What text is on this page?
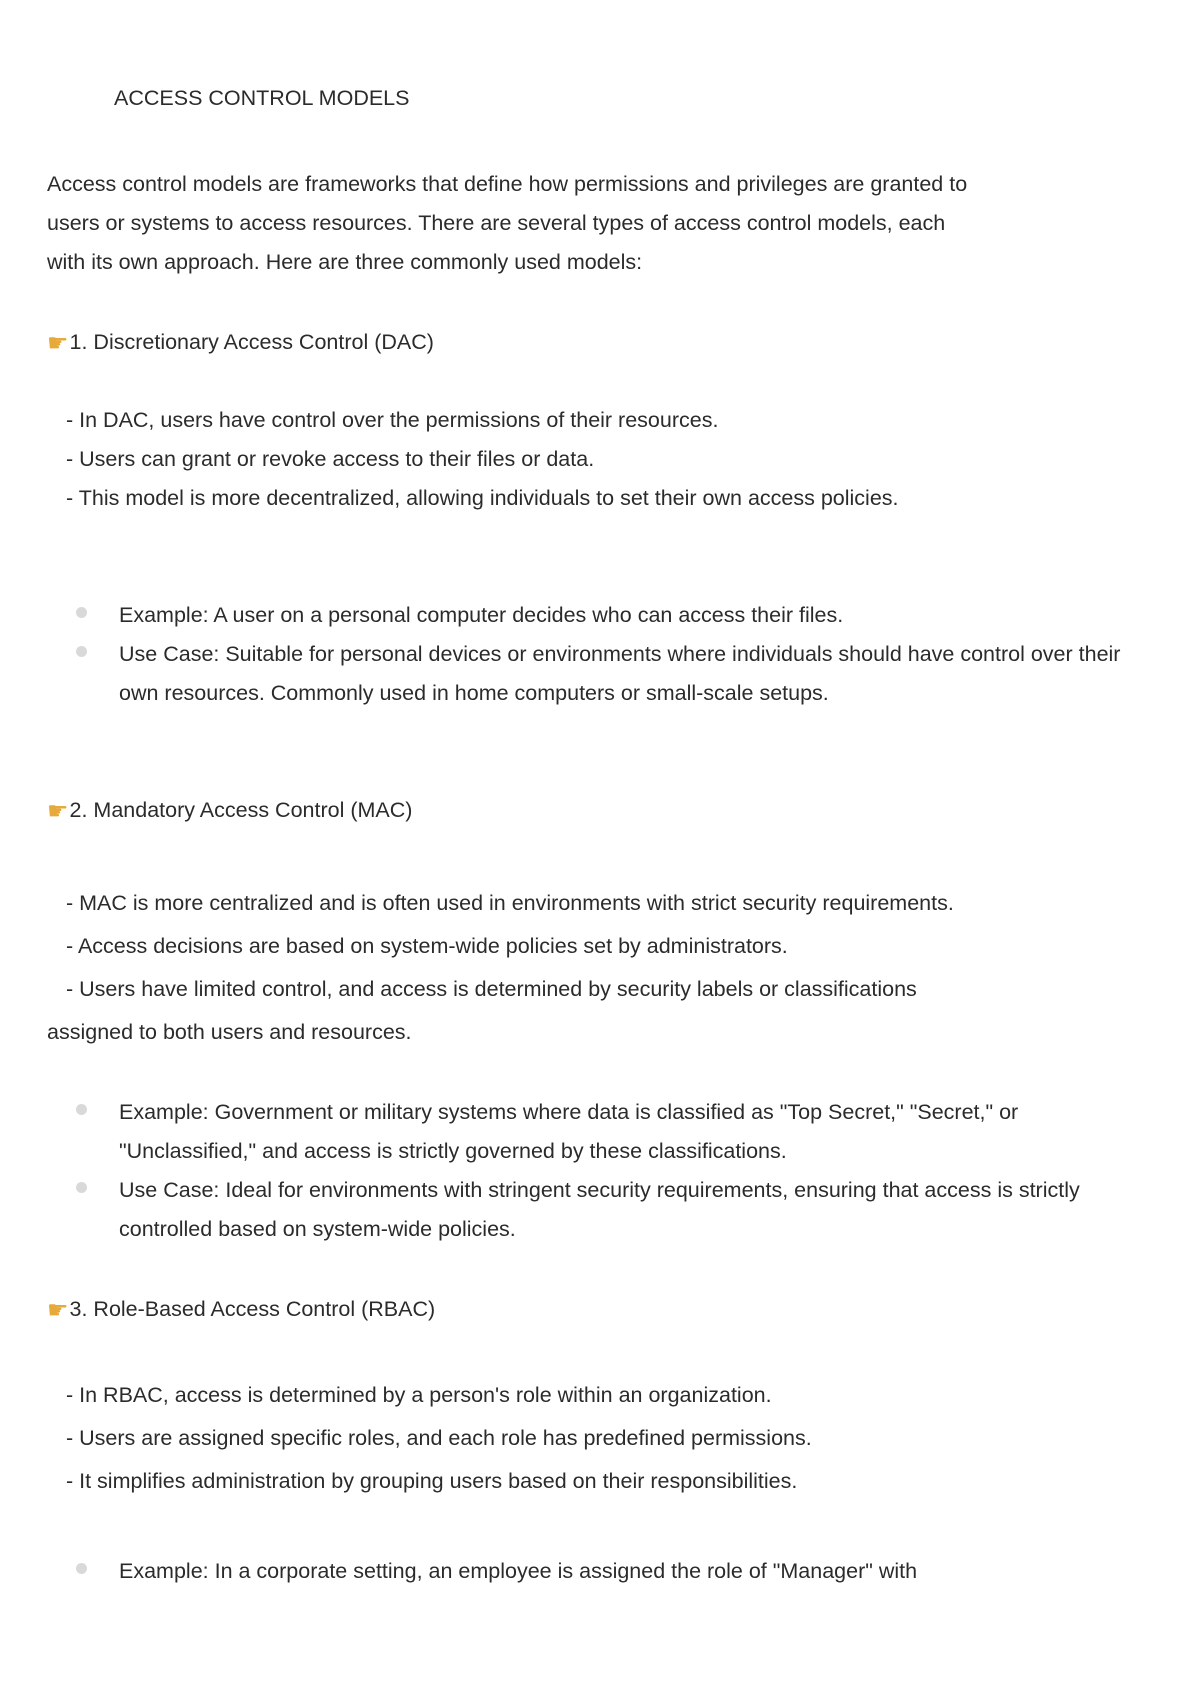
ACCESS CONTROL MODELS
Access control models are frameworks that define how permissions and privileges are granted to
users or systems to access resources. There are several types of access control models, each
with its own approach. Here are three commonly used models:
☚1. Discretionary Access Control (DAC)
- In DAC, users have control over the permissions of their resources.
- Users can grant or revoke access to their files or data.
- This model is more decentralized, allowing individuals to set their own access policies.
Example: A user on a personal computer decides who can access their files.
Use Case: Suitable for personal devices or environments where individuals should have control over their own resources. Commonly used in home computers or small-scale setups.
☚2. Mandatory Access Control (MAC)
- MAC is more centralized and is often used in environments with strict security requirements.
- Access decisions are based on system-wide policies set by administrators.
- Users have limited control, and access is determined by security labels or classifications
assigned to both users and resources.
Example: Government or military systems where data is classified as "Top Secret," "Secret," or "Unclassified," and access is strictly governed by these classifications.
Use Case: Ideal for environments with stringent security requirements, ensuring that access is strictly controlled based on system-wide policies.
☚3. Role-Based Access Control (RBAC)
- In RBAC, access is determined by a person's role within an organization.
- Users are assigned specific roles, and each role has predefined permissions.
- It simplifies administration by grouping users based on their responsibilities.
Example: In a corporate setting, an employee is assigned the role of "Manager" with
